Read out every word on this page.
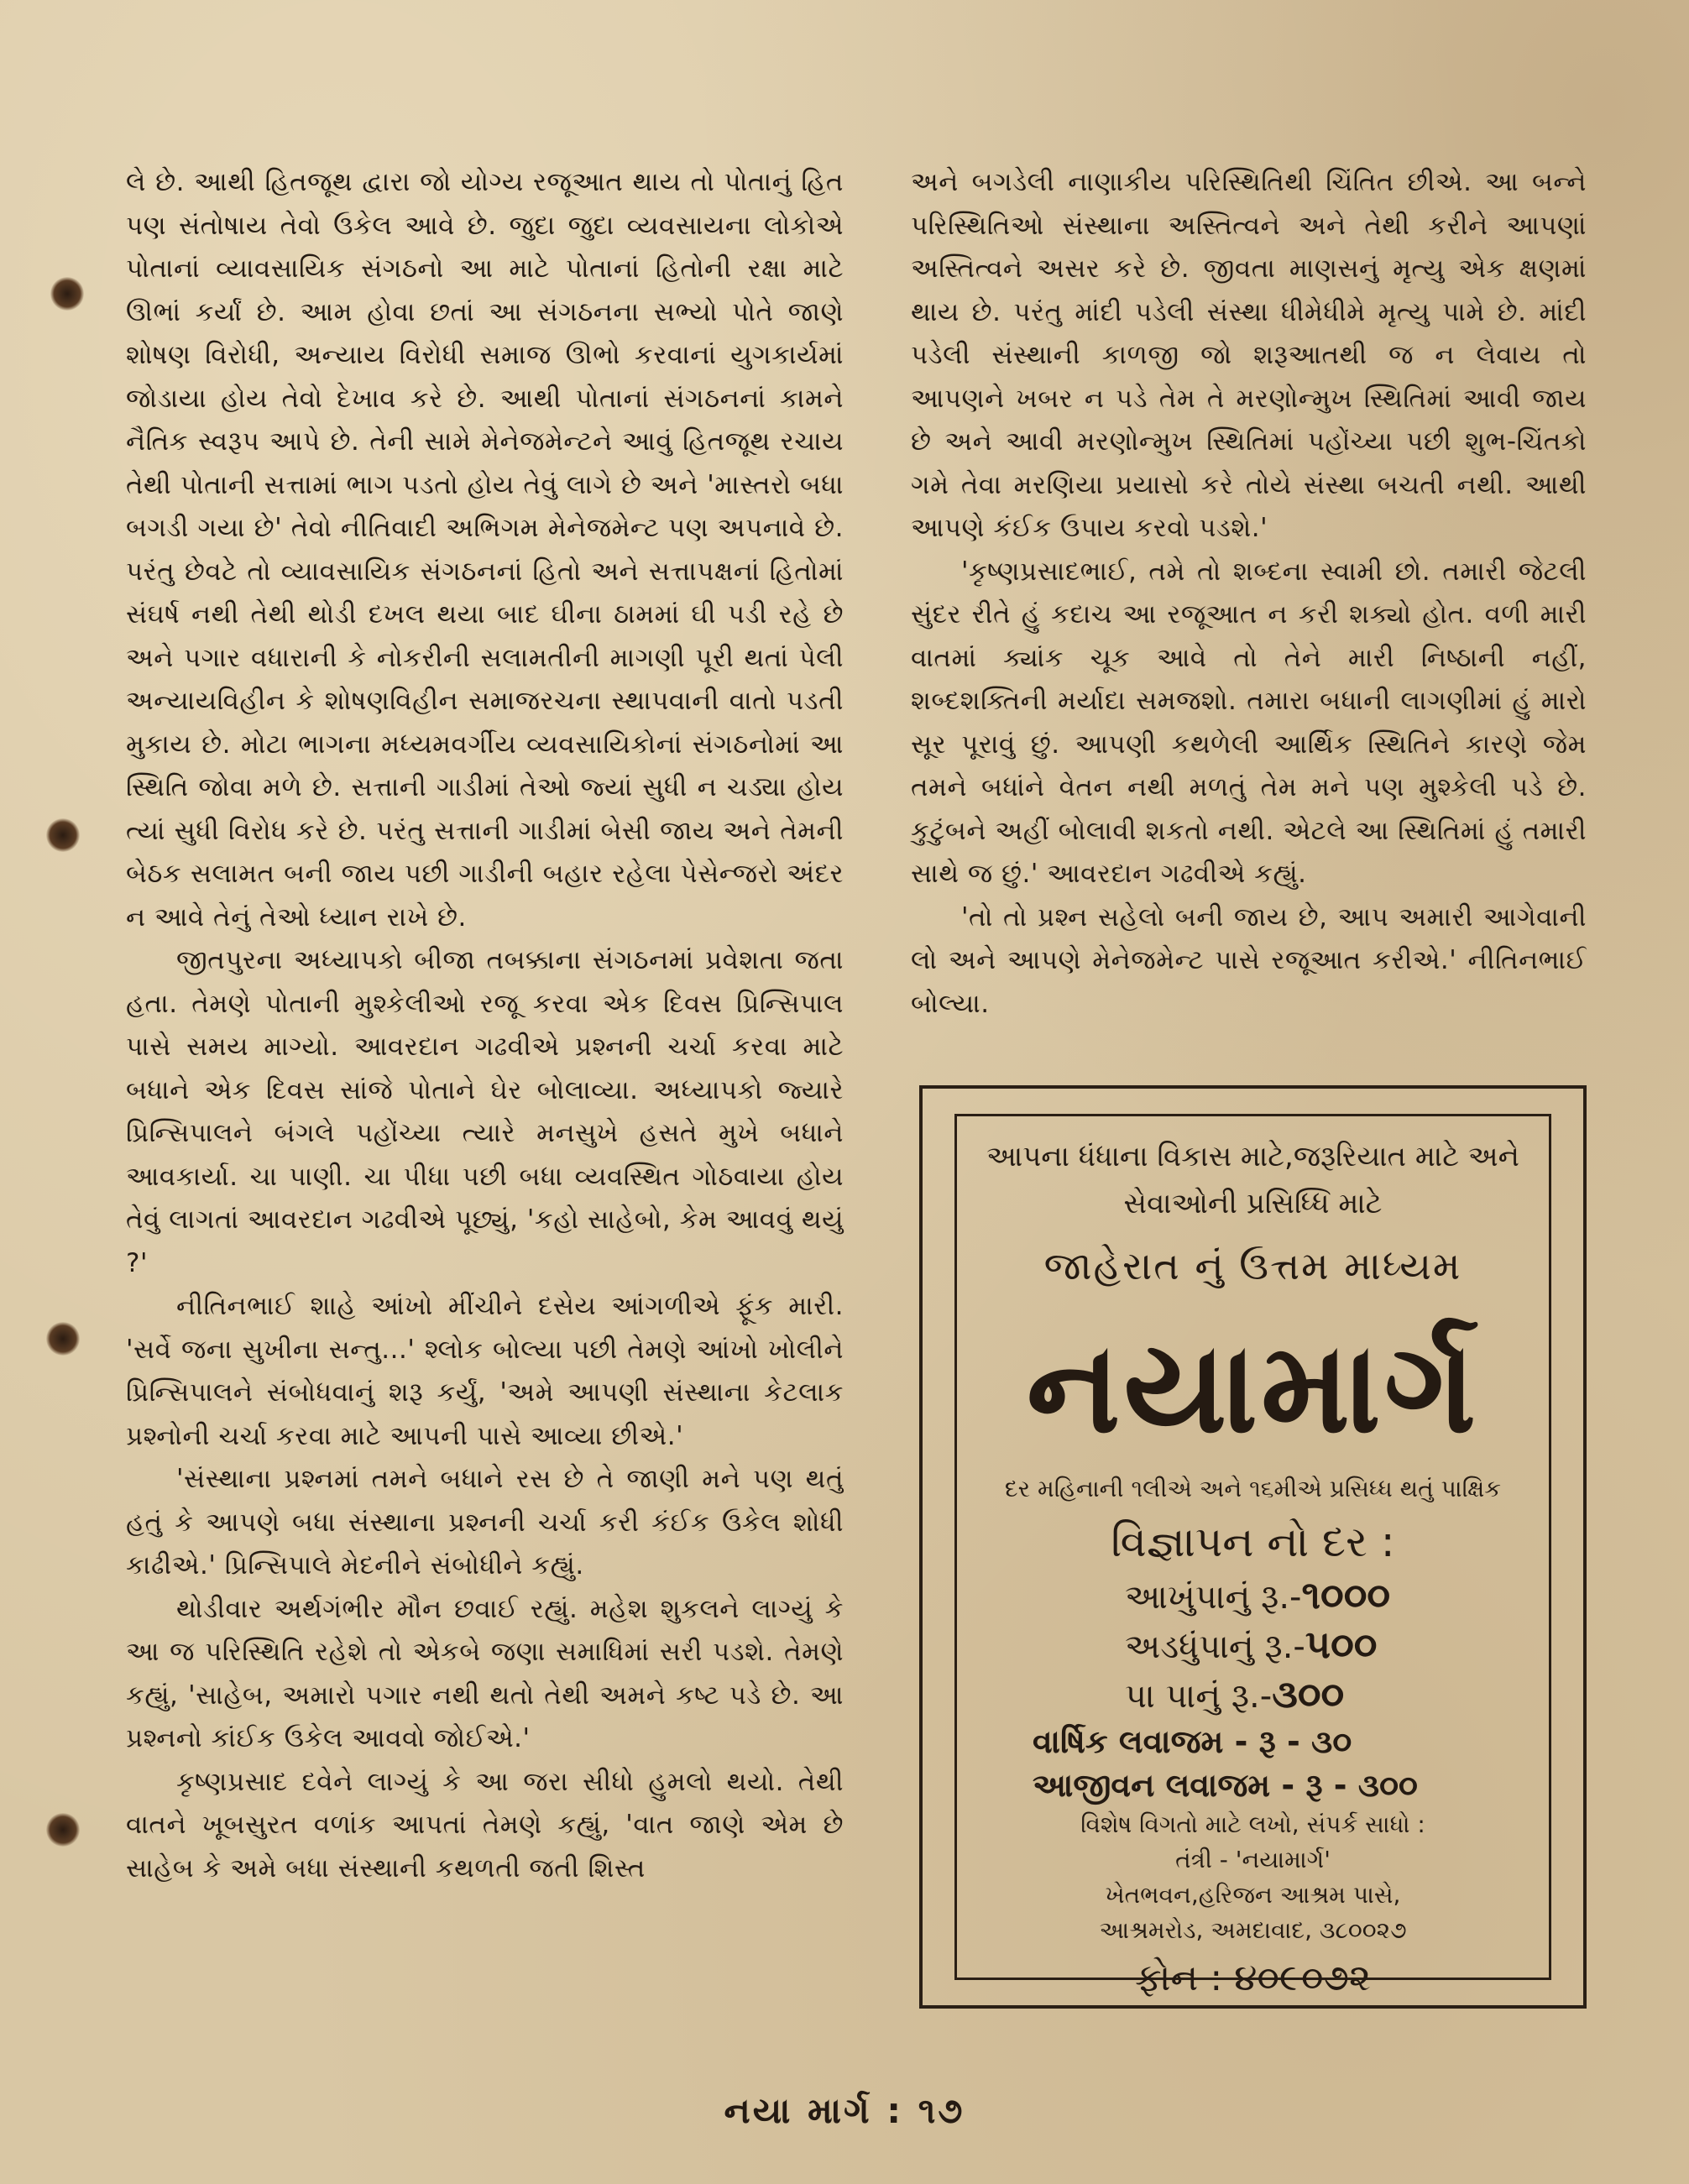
લે છે. આથી હિતજૂથ દ્વારા જો યોગ્ય રજૂઆત થાય તો પોતાનું હિત પણ સંતોષાય તેવો ઉકેલ આવે છે. જુદા જુદા વ્યવસાયના લોકોએ પોતાનાં વ્યાવસાયિક સંગઠનો આ માટે પોતાનાં હિતોની રક્ષા માટે ઊભાં કર્યાં છે. આમ હોવા છતાં આ સંગઠનના સભ્યો પોતે જાણે શોષણ વિરોધી, અન્યાય વિરોધી સમાજ ઊભો કરવાનાં યુગકાર્યમાં જોડાયા હોય તેવો દેખાવ કરે છે. આથી પોતાનાં સંગઠનનાં કામને નૈતિક સ્વરૂપ આપે છે. તેની સામે મેનેજમેન્ટને આવું હિતજૂથ રચાય તેથી પોતાની સત્તામાં ભાગ પડતો હોય તેવું લાગે છે અને 'માસ્તરો બધા બગડી ગયા છે' તેવો નીતિવાદી અભિગમ મેનેજમેન્ટ પણ અપનાવે છે. પરંતુ છેવટે તો વ્યાવસાયિક સંગઠનનાં હિતો અને સત્તાપક્ષનાં હિતોમાં સંઘર્ષ નથી તેથી થોડી દખલ થયા બાદ ઘીના ઠામમાં ઘી પડી રહે છે અને પગાર વધારાની કે નોકરીની સલામતીની માગણી પૂરી થતાં પેલી અન્યાયવિહીન કે શોષણવિહીન સમાજરચના સ્થાપવાની વાતો પડતી મુકાય છે. મોટા ભાગના મધ્યમવર્ગીય વ્યવસાયિકોનાં સંગઠનોમાં આ સ્થિતિ જોવા મળે છે. સત્તાની ગાડીમાં તેઓ જ્યાં સુધી ન ચડ્યા હોય ત્યાં સુધી વિરોધ કરે છે. પરંતુ સત્તાની ગાડીમાં બેસી જાય અને તેમની બેઠક સલામત બની જાય પછી ગાડીની બહાર રહેલા પેસેન્જરો અંદર ન આવે તેનું તેઓ ધ્યાન રાખે છે.

જીતપુરના અધ્યાપકો બીજા તબક્કાના સંગઠનમાં પ્રવેશતા જતા હતા. તેમણે પોતાની મુશ્કેલીઓ રજૂ કરવા એક દિવસ પ્રિન્સિપાલ પાસે સમય માગ્યો. આવરદાન ગઢવીએ પ્રશ્નની ચર્ચા કરવા માટે બધાને એક દિવસ સાંજે પોતાને ઘેર બોલાવ્યા. અધ્યાપકો જ્યારે પ્રિન્સિપાલને બંગલે પહોંચ્યા ત્યારે મનસુખે હસતે મુખે બધાને આવકાર્યા. ચા પાણી. ચા પીધા પછી બધા વ્યવસ્થિત ગોઠવાયા હોય તેવું લાગતાં આવરદાન ગઢવીએ પૂછ્યું, 'કહો સાહેબો, કેમ આવવું થયું ?'

નીતિનભાઈ શાહે આંખો મીંચીને દસેય આંગળીએ ફૂંક મારી. 'સર્વે જના સુખીના સન્તુ...' શ્લોક બોલ્યા પછી તેમણે આંખો ખોલીને પ્રિન્સિપાલને સંબોધવાનું શરૂ કર્યું, 'અમે આપણી સંસ્થાના કેટલાક પ્રશ્નોની ચર્ચા કરવા માટે આપની પાસે આવ્યા છીએ.'

'સંસ્થાના પ્રશ્નમાં તમને બધાને રસ છે તે જાણી મને પણ થતું હતું કે આપણે બધા સંસ્થાના પ્રશ્નની ચર્ચા કરી કંઈક ઉકેલ શોધી કાઢીએ.' પ્રિન્સિપાલે મેદનીને સંબોધીને કહ્યું.

થોડીવાર અર્થગંભીર મૌન છવાઈ રહ્યું. મહેશ શુકલને લાગ્યું કે આ જ પરિસ્થિતિ રહેશે તો એકબે જણા સમાધિમાં સરી પડશે. તેમણે કહ્યું, 'સાહેબ, અમારો પગાર નથી થતો તેથી અમને કષ્ટ પડે છે. આ પ્રશ્નનો કાંઈક ઉકેલ આવવો જોઈએ.'

કૃષ્ણપ્રસાદ દવેને લાગ્યું કે આ જરા સીધો હુમલો થયો. તેથી વાતને ખૂબસુરત વળાંક આપતાં તેમણે કહ્યું, 'વાત જાણે એમ છે સાહેબ કે અમે બધા સંસ્થાની કથળતી જતી શિસ્ત

અને બગડેલી નાણાકીય પરિસ્થિતિથી ચિંતિત છીએ. આ બન્ને પરિસ્થિતિઓ સંસ્થાના અસ્તિત્વને અને તેથી કરીને આપણાં અસ્તિત્વને અસર કરે છે. જીવતા માણસનું મૃત્યુ એક ક્ષણમાં થાય છે. પરંતુ માંદી પડેલી સંસ્થા ધીમેધીમે મૃત્યુ પામે છે. માંદી પડેલી સંસ્થાની કાળજી જો શરૂઆતથી જ ન લેવાય તો આપણને ખબર ન પડે તેમ તે મરણોન્મુખ સ્થિતિમાં આવી જાય છે અને આવી મરણોન્મુખ સ્થિતિમાં પહોંચ્યા પછી શુભ-ચિંતકો ગમે તેવા મરણિયા પ્રયાસો કરે તોયે સંસ્થા બચતી નથી. આથી આપણે કંઈક ઉપાય કરવો પડશે.'

'કૃષ્ણપ્રસાદભાઈ, તમે તો શબ્દના સ્વામી છો. તમારી જેટલી સુંદર રીતે હું કદાચ આ રજૂઆત ન કરી શક્યો હોત. વળી મારી વાતમાં ક્યાંક ચૂક આવે તો તેને મારી નિષ્ઠાની નહીં, શબ્દશક્તિની મર્યાદા સમજશો. તમારા બધાની લાગણીમાં હું મારો સૂર પૂરાવું છું. આપણી કથળેલી આર્થિક સ્થિતિને કારણે જેમ તમને બધાંને વેતન નથી મળતું તેમ મને પણ મુશ્કેલી પડે છે. કુટુંબને અહીં બોલાવી શકતો નથી. એટલે આ સ્થિતિમાં હું તમારી સાથે જ છું.' આવરદાન ગઢવીએ કહ્યું.

'તો તો પ્રશ્ન સહેલો બની જાય છે, આપ અમારી આગેવાની લો અને આપણે મેનેજમેન્ટ પાસે રજૂઆત કરીએ.' નીતિનભાઈ બોલ્યા.

આપના ધંધાના વિકાસ માટે,જરૂરિયાત માટે અને સેવાઓની પ્રસિધ્ધિ માટે

જાહેરાત નું ઉત્તમ માધ્યમ

નયામાર્ગ

દર મહિનાની ૧લીએ અને ૧૬મીએ પ્રસિધ્ધ થતું પાક્ષિક

વિજ્ઞાપન નો દર :

આખુંપાનું રૂ.-૧૦૦૦

અડધુંપાનું રૂ.-૫૦૦

પા પાનું રૂ.-૩૦૦

વાર્ષિક લવાજમ - રૂ - ૩૦

આજીવન લવાજમ - રૂ - ૩૦૦

વિશેષ વિગતો માટે લખો, સંપર્ક સાધો :

તંત્રી - 'નયામાર્ગ'

ખેતભવન,હરિજન આશ્રમ પાસે,

આશ્રમરોડ, અમદાવાદ, ૩૮૦૦૨૭

ફોન : ૪૦૯૦૭૨

નયા માર્ગ : ૧૭
